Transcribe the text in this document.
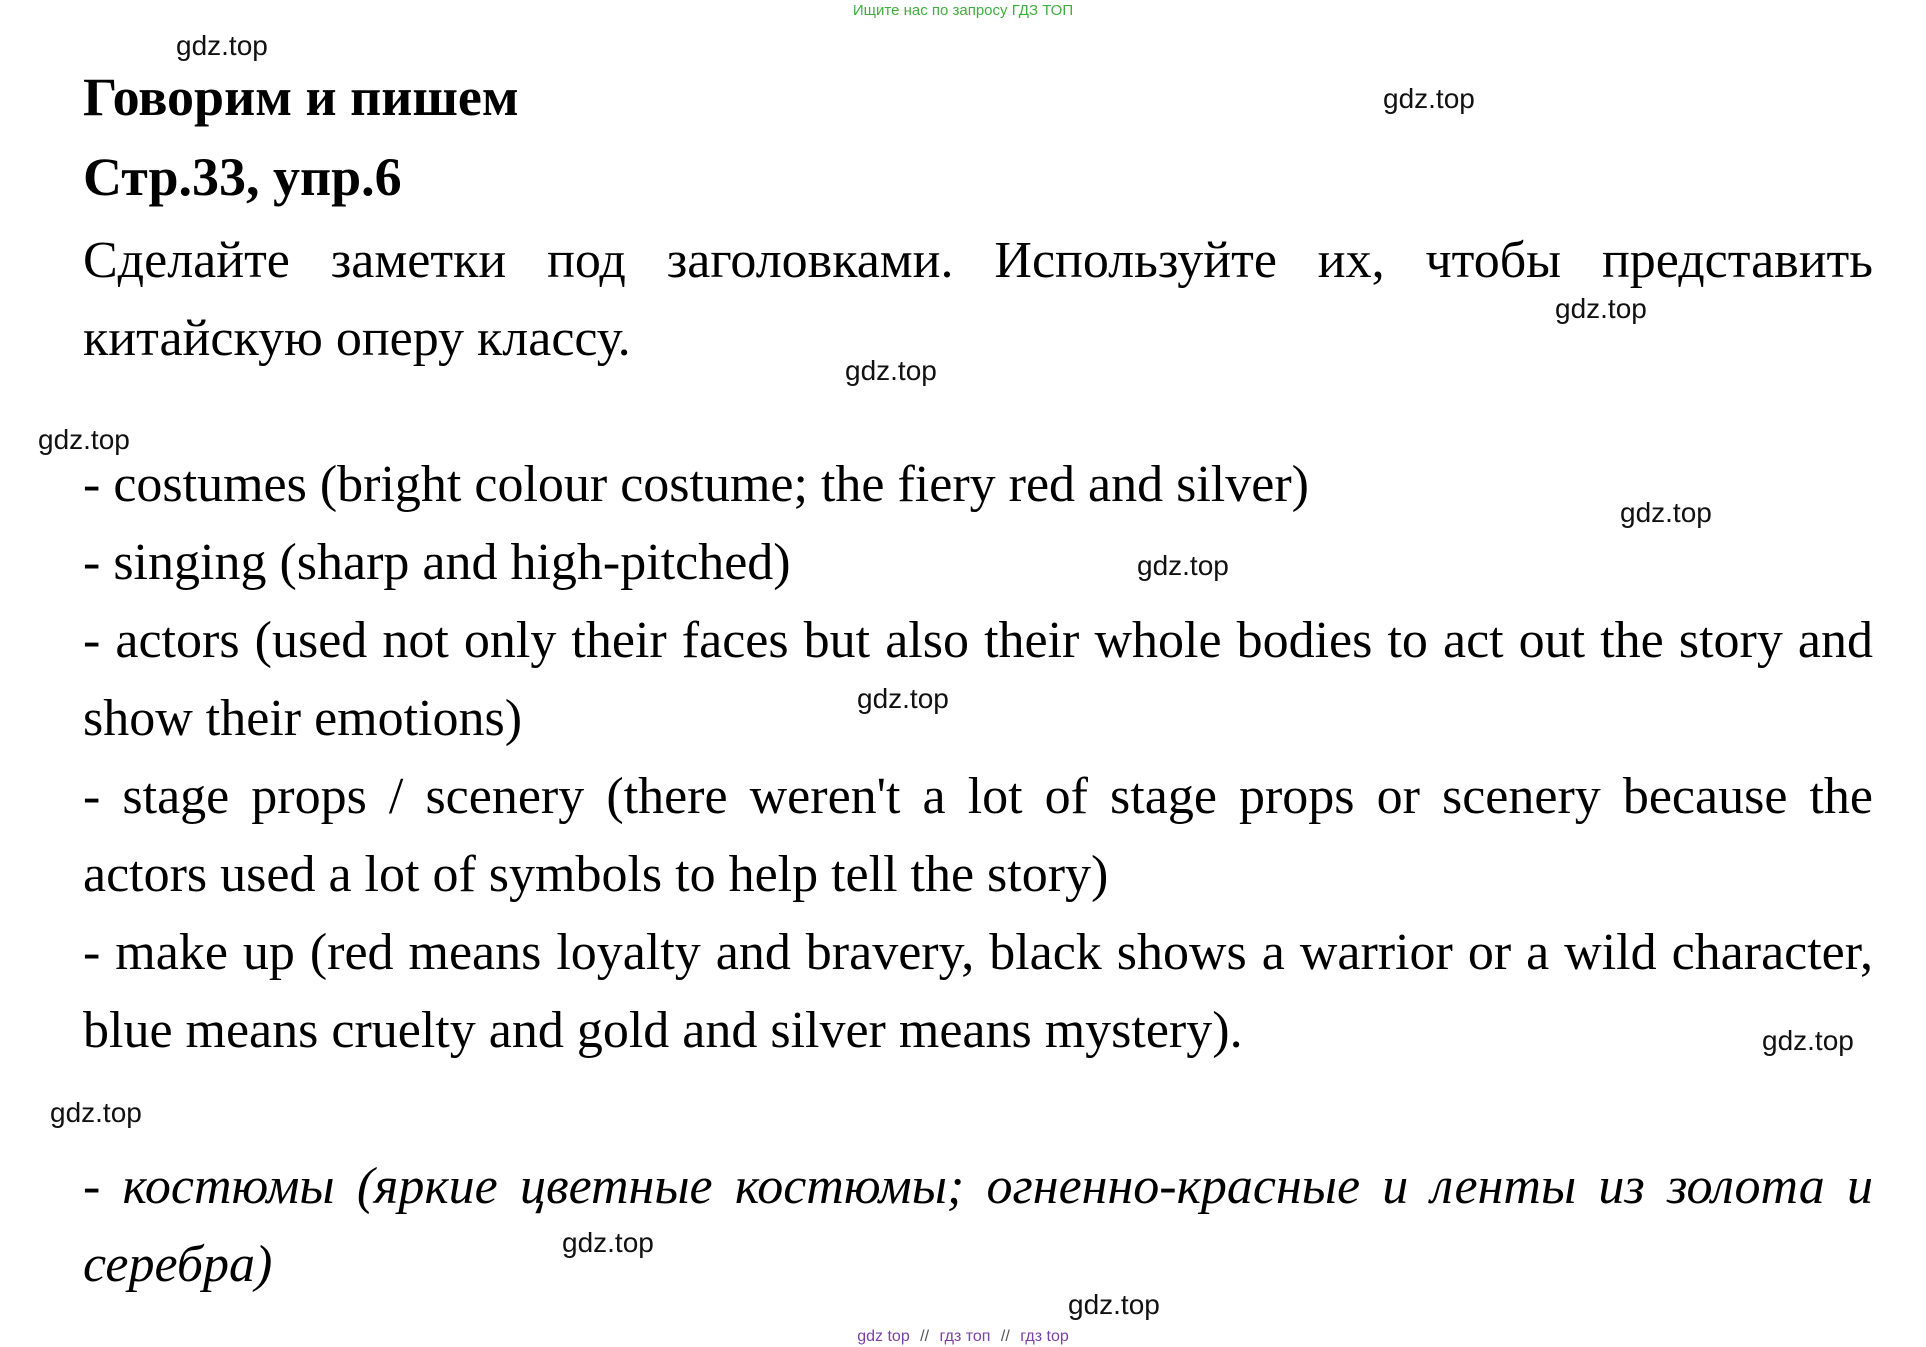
Ищите нас по запросу ГДЗ ТОП
Говорим и пишем
Стр.33, упр.6
Сделайте заметки под заголовками. Используйте их, чтобы представить китайскую оперу классу.
- costumes (bright colour costume; the fiery red and silver)
- singing (sharp and high-pitched)
- actors (used not only their faces but also their whole bodies to act out the story and show their emotions)
- stage props / scenery (there weren't a lot of stage props or scenery because the actors used a lot of symbols to help tell the story)
- make up (red means loyalty and bravery, black shows a warrior or a wild character, blue means cruelty and gold and silver means mystery).
- костюмы (яркие цветные костюмы; огненно-красные и ленты из золота и серебра)
gdz.top
gdz.top
gdz.top
gdz.top
gdz.top
gdz.top
gdz.top
gdz.top
gdz.top
gdz.top
gdz.top
gdz.top
gdz top // гдз топ // гдз top
